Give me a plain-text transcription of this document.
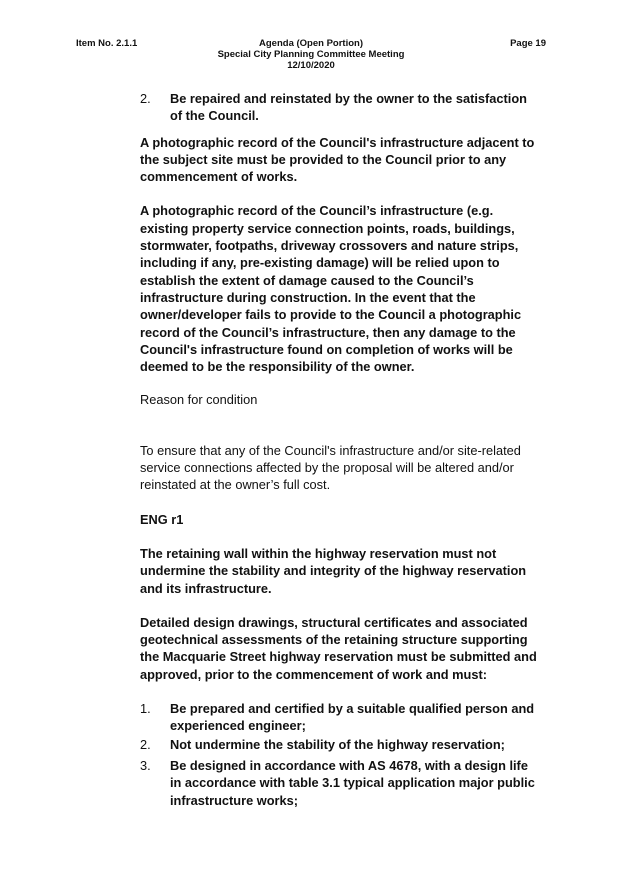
Item No. 2.1.1	Agenda (Open Portion)
Special City Planning Committee Meeting
12/10/2020
Page 19
2.	Be repaired and reinstated by the owner to the satisfaction of the Council.

A photographic record of the Council's infrastructure adjacent to the subject site must be provided to the Council prior to any commencement of works.

A photographic record of the Council’s infrastructure (e.g. existing property service connection points, roads, buildings, stormwater, footpaths, driveway crossovers and nature strips, including if any, pre-existing damage) will be relied upon to establish the extent of damage caused to the Council’s infrastructure during construction. In the event that the owner/developer fails to provide to the Council a photographic record of the Council’s infrastructure, then any damage to the Council's infrastructure found on completion of works will be deemed to be the responsibility of the owner.

Reason for condition

To ensure that any of the Council's infrastructure and/or site-related service connections affected by the proposal will be altered and/or reinstated at the owner’s full cost.

ENG r1

The retaining wall within the highway reservation must not undermine the stability and integrity of the highway reservation and its infrastructure.

Detailed design drawings, structural certificates and associated geotechnical assessments of the retaining structure supporting the Macquarie Street highway reservation must be submitted and approved, prior to the commencement of work and must:

1.	Be prepared and certified by a suitable qualified person and experienced engineer;
2.	Not undermine the stability of the highway reservation;
3.	Be designed in accordance with AS 4678, with a design life in accordance with table 3.1 typical application major public infrastructure works;
